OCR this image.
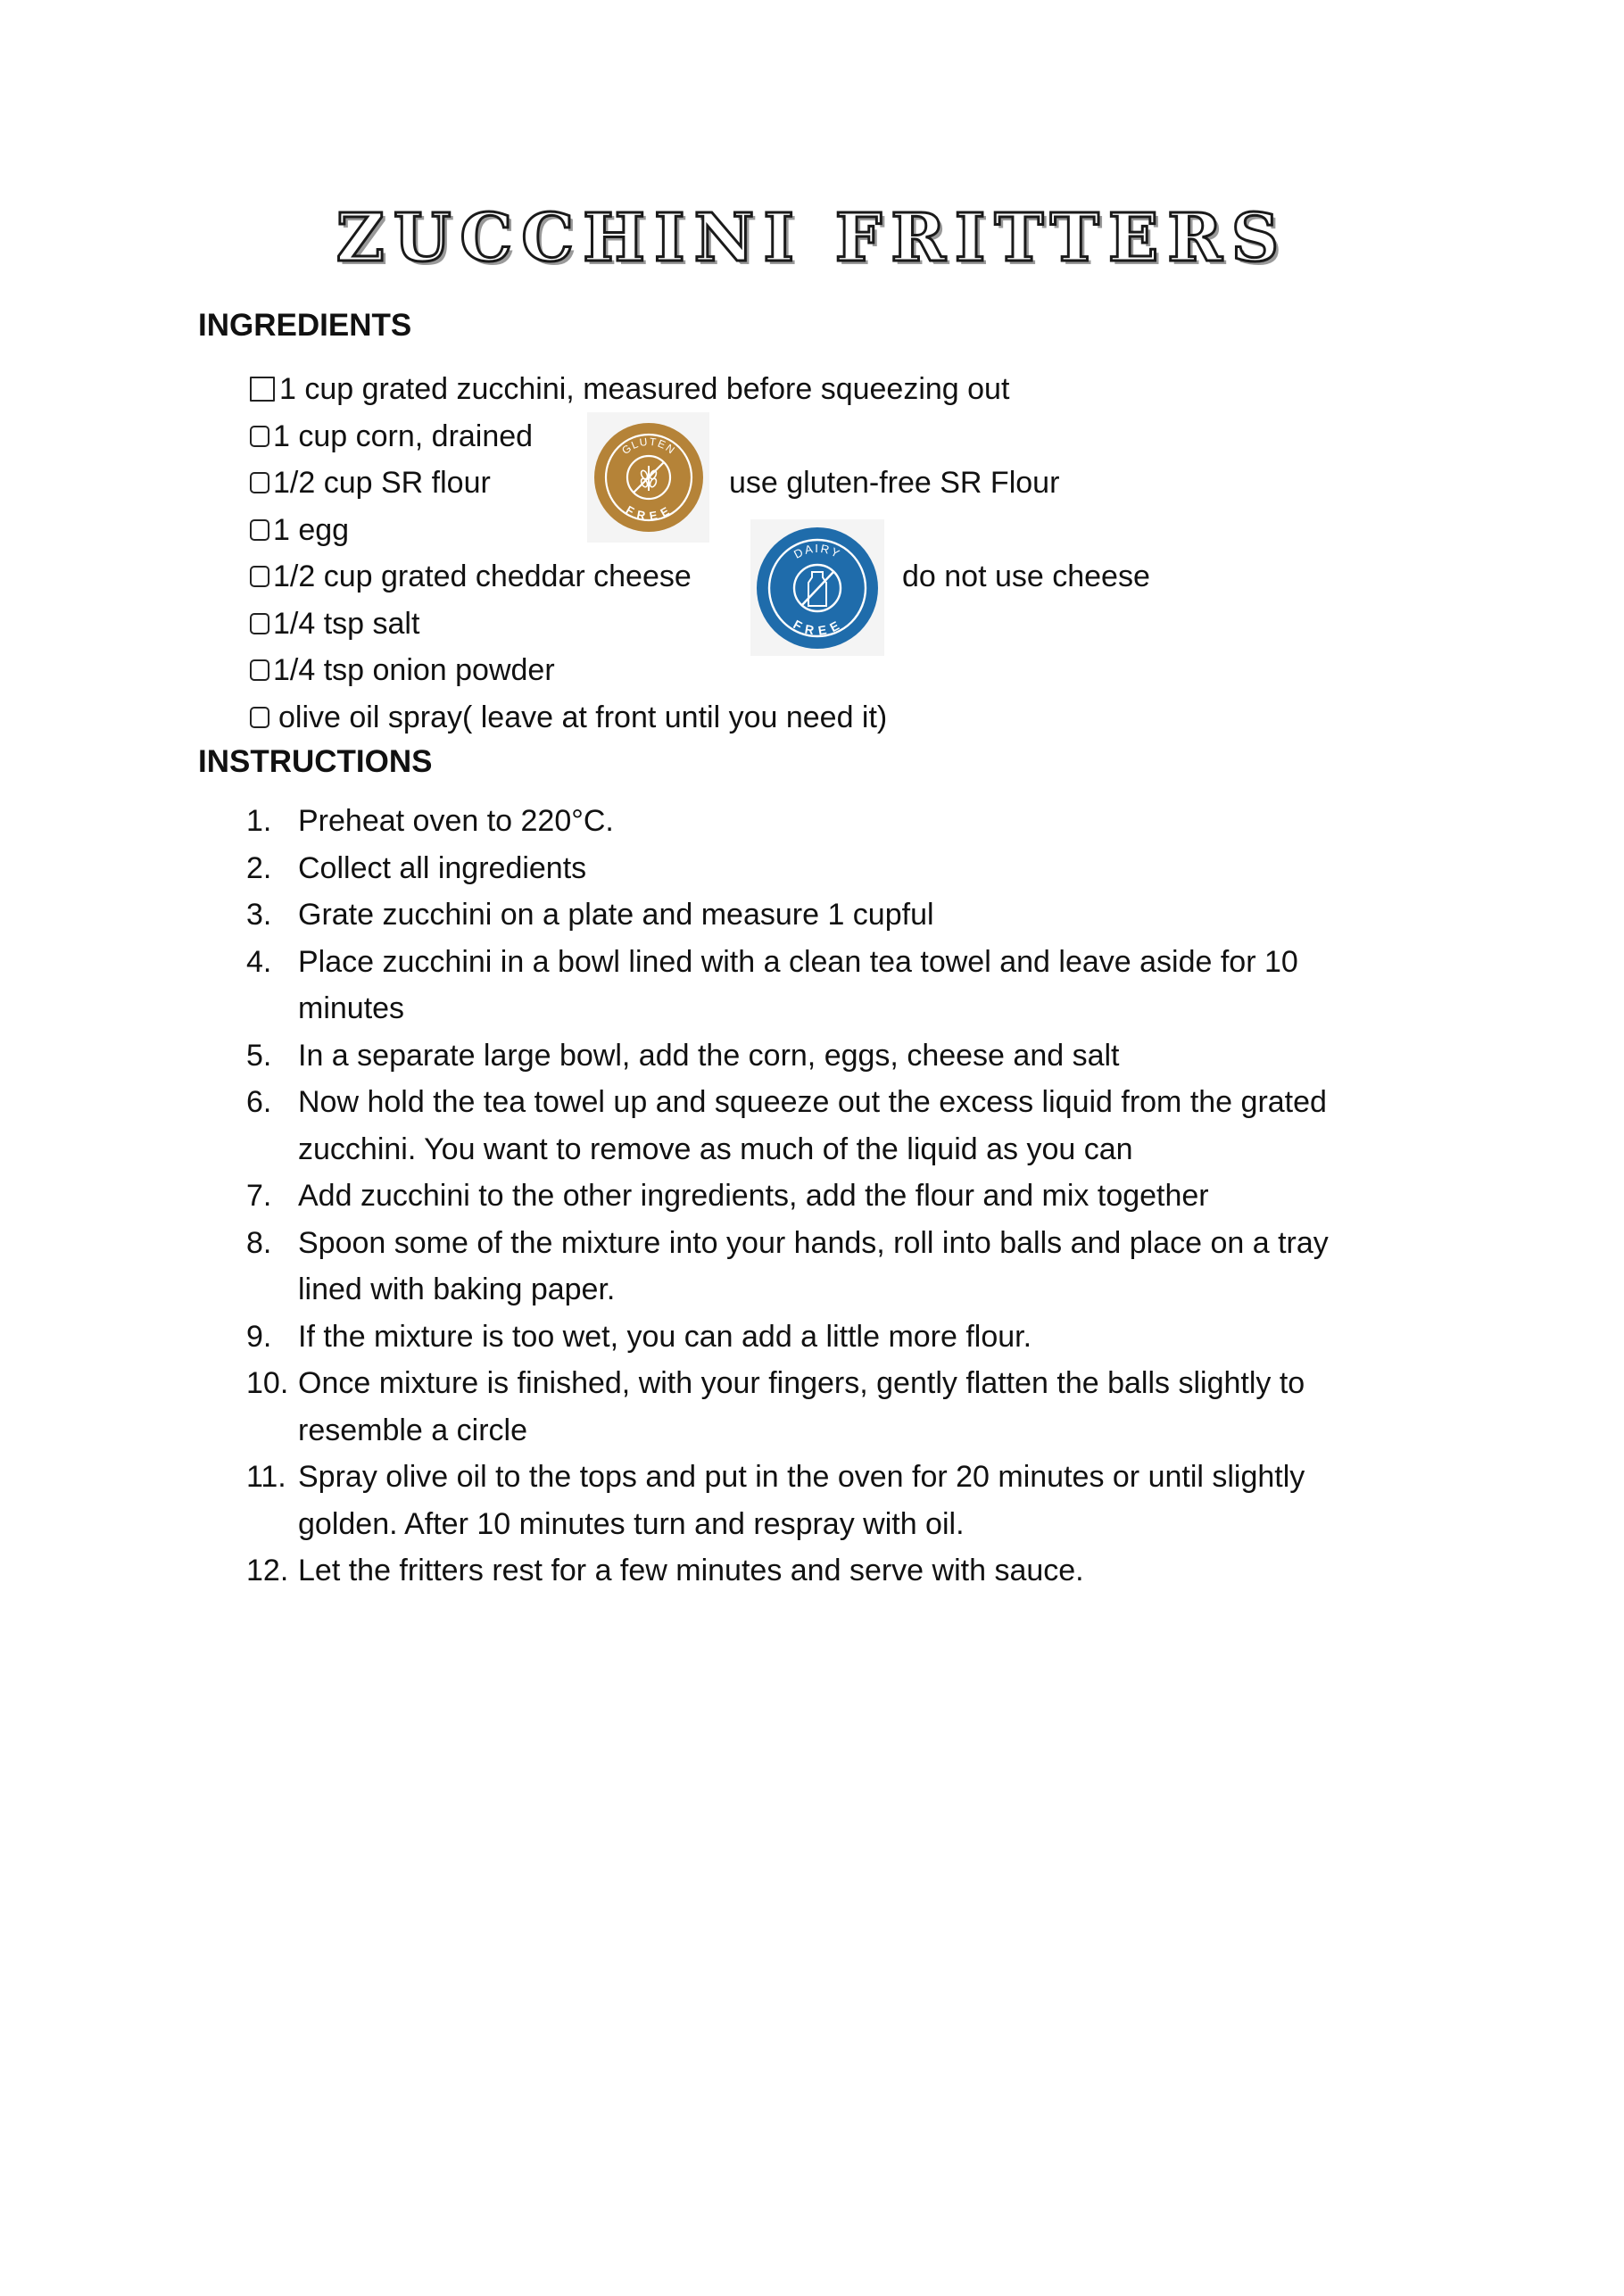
ZUCCHINI FRITTERS
INGREDIENTS
1 cup grated zucchini, measured before squeezing out
1 cup corn, drained
1/2 cup SR flour
1 egg
1/2 cup grated cheddar cheese
1/4 tsp salt
1/4 tsp onion powder
olive oil spray( leave at front until you need it)
GLUTEN
FREE
use gluten-free SR Flour
DAIRY
FREE
do not use cheese
INSTRUCTIONS
1. Preheat oven to 220°C.
2. Collect all ingredients
3. Grate zucchini on a plate and measure 1 cupful
4. Place zucchini in a bowl lined with a clean tea towel and leave aside for 10 minutes
5. In a separate large bowl, add the corn, eggs, cheese and salt
6. Now hold the tea towel up and squeeze out the excess liquid from the grated zucchini. You want to remove as much of the liquid as you can
7. Add zucchini to the other ingredients, add the flour and mix together
8. Spoon some of the mixture into your hands, roll into balls and place on a tray lined with baking paper.
9. If the mixture is too wet, you can add a little more flour.
10. Once mixture is finished, with your fingers, gently flatten the balls slightly to resemble a circle
11. Spray olive oil to the tops and put in the oven for 20 minutes or until slightly golden. After 10 minutes turn and respray with oil.
12. Let the fritters rest for a few minutes and serve with sauce.
